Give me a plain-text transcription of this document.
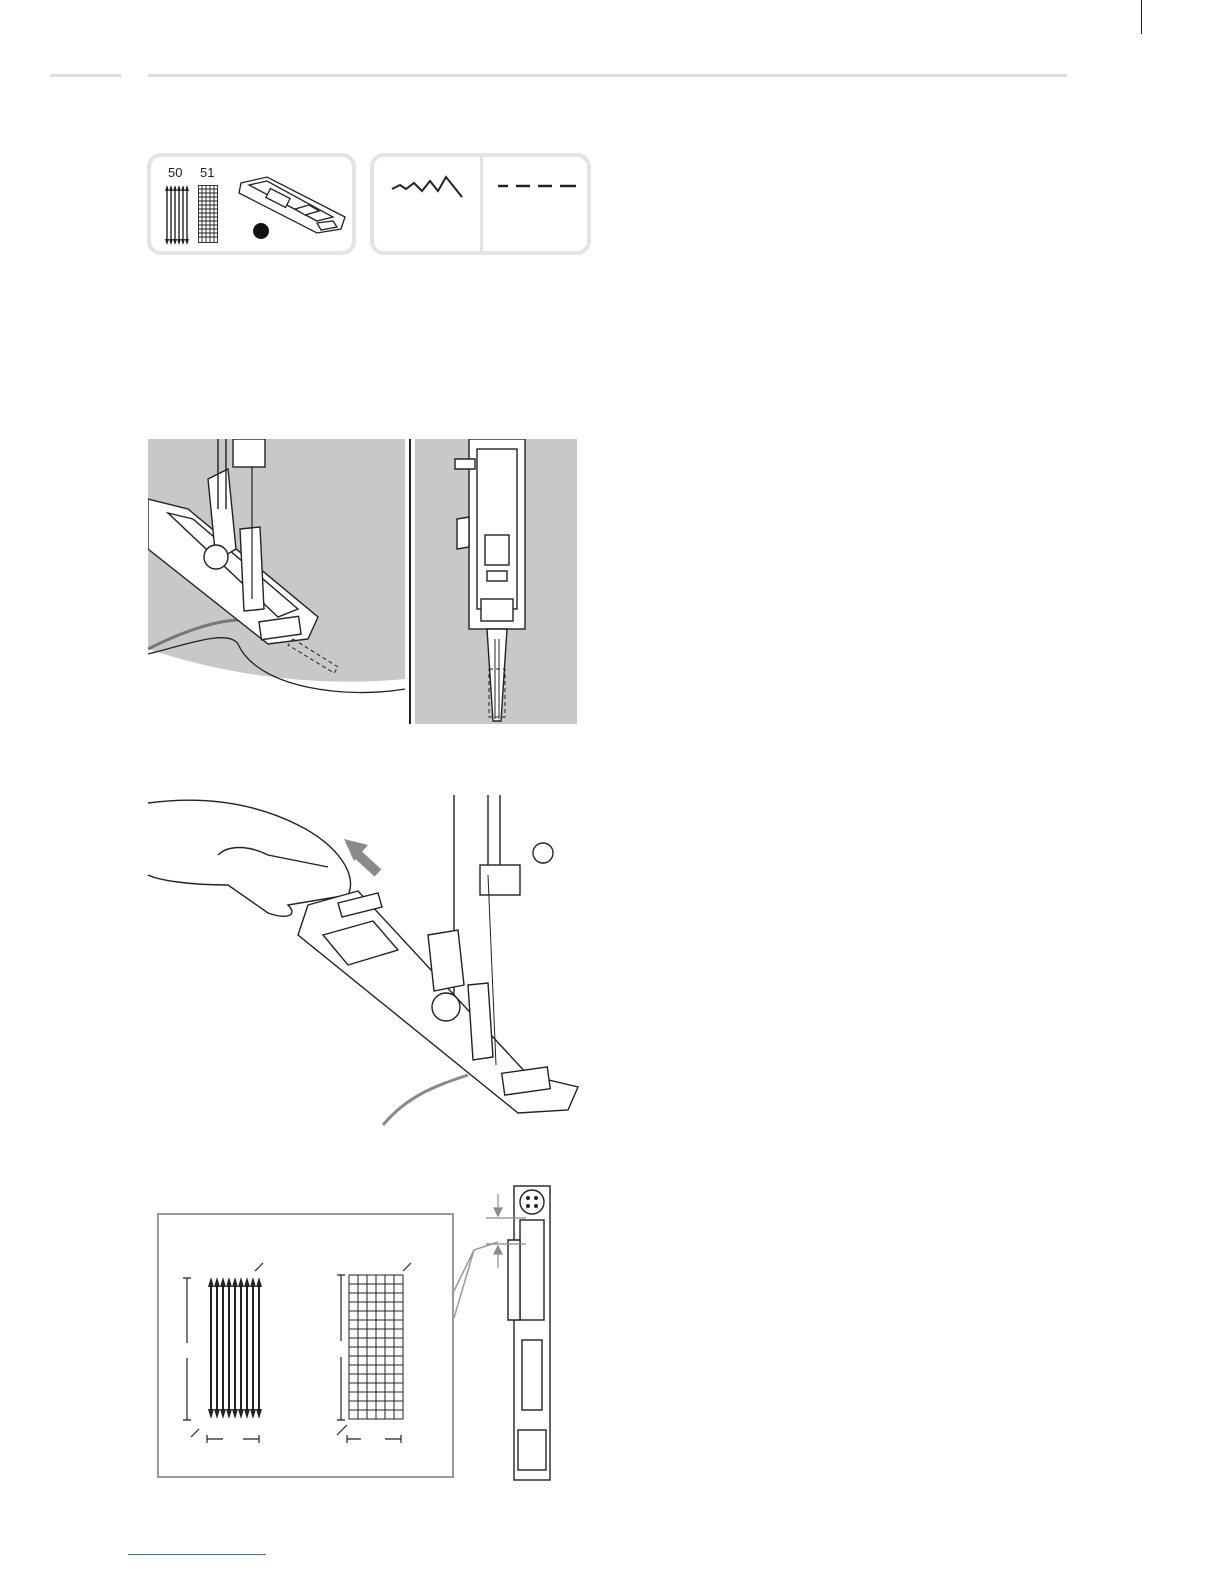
50 51
